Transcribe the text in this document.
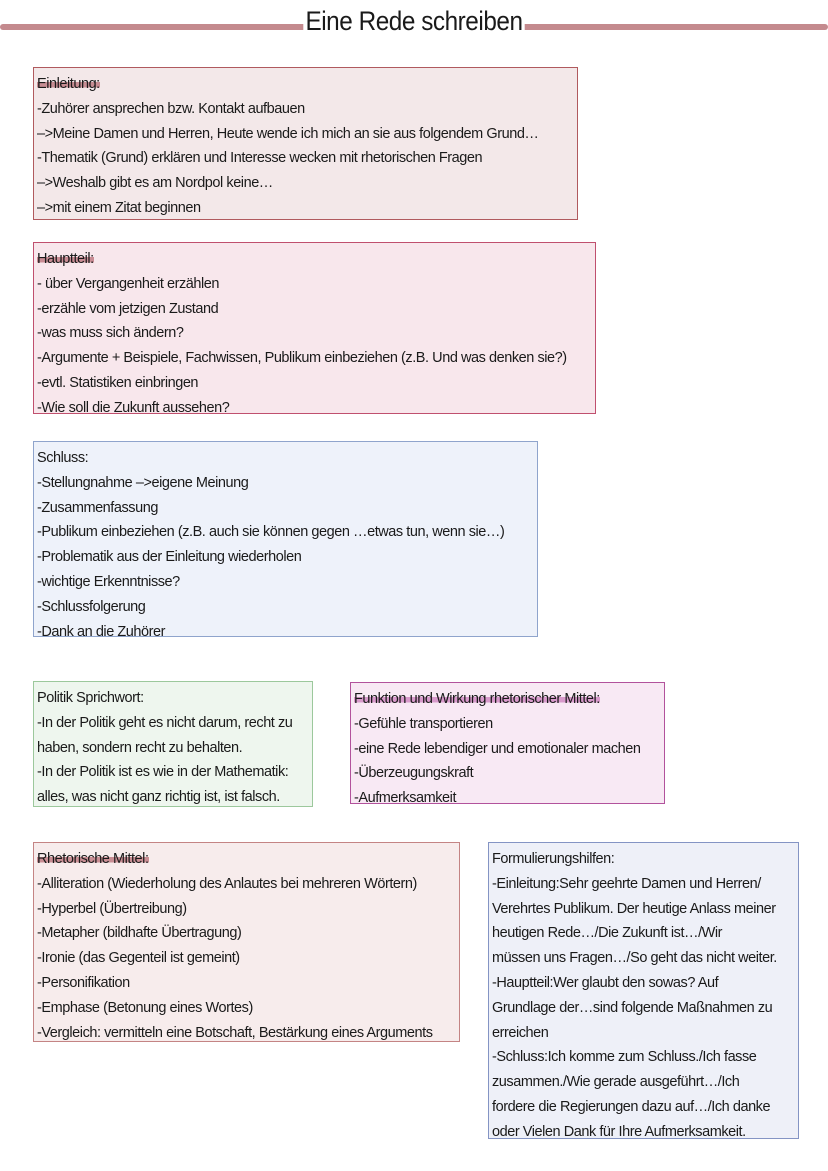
Eine Rede schreiben
Einleitung:
-Zuhörer ansprechen bzw. Kontakt aufbauen
–>Meine Damen und Herren, Heute wende ich mich an sie aus folgendem Grund…
-Thematik (Grund) erklären und Interesse wecken mit rhetorischen Fragen
–>Weshalb gibt es am Nordpol keine…
–>mit einem Zitat beginnen
Hauptteil:
- über Vergangenheit erzählen
-erzähle vom jetzigen Zustand
-was muss sich ändern?
-Argumente + Beispiele, Fachwissen, Publikum einbeziehen (z.B. Und was denken sie?)
-evtl. Statistiken einbringen
-Wie soll die Zukunft aussehen?
Schluss:
-Stellungnahme –>eigene Meinung
-Zusammenfassung
-Publikum einbeziehen (z.B. auch sie können gegen …etwas tun, wenn sie…)
-Problematik aus der Einleitung wiederholen
-wichtige Erkenntnisse?
-Schlussfolgerung
-Dank an die Zuhörer
Politik Sprichwort:
-In der Politik geht es nicht darum, recht zu
haben, sondern recht zu behalten.
-In der Politik ist es wie in der Mathematik:
alles, was nicht ganz richtig ist, ist falsch.
Funktion und Wirkung rhetorischer Mittel:
-Gefühle transportieren
-eine Rede lebendiger und emotionaler machen
-Überzeugungskraft
-Aufmerksamkeit
Rhetorische Mittel:
-Alliteration (Wiederholung des Anlautes bei mehreren Wörtern)
-Hyperbel (Übertreibung)
-Metapher (bildhafte Übertragung)
-Ironie (das Gegenteil ist gemeint)
-Personifikation
-Emphase (Betonung eines Wortes)
-Vergleich: vermitteln eine Botschaft, Bestärkung eines Arguments
Formulierungshilfen:
-Einleitung:Sehr geehrte Damen und Herren/
Verehrtes Publikum. Der heutige Anlass meiner
heutigen Rede…/Die Zukunft ist…/Wir
müssen uns Fragen…/So geht das nicht weiter.
-Hauptteil:Wer glaubt den sowas? Auf
Grundlage der…sind folgende Maßnahmen zu
erreichen
-Schluss:Ich komme zum Schluss./Ich fasse
zusammen./Wie gerade ausgeführt…/Ich
fordere die Regierungen dazu auf…/Ich danke
oder Vielen Dank für Ihre Aufmerksamkeit.
